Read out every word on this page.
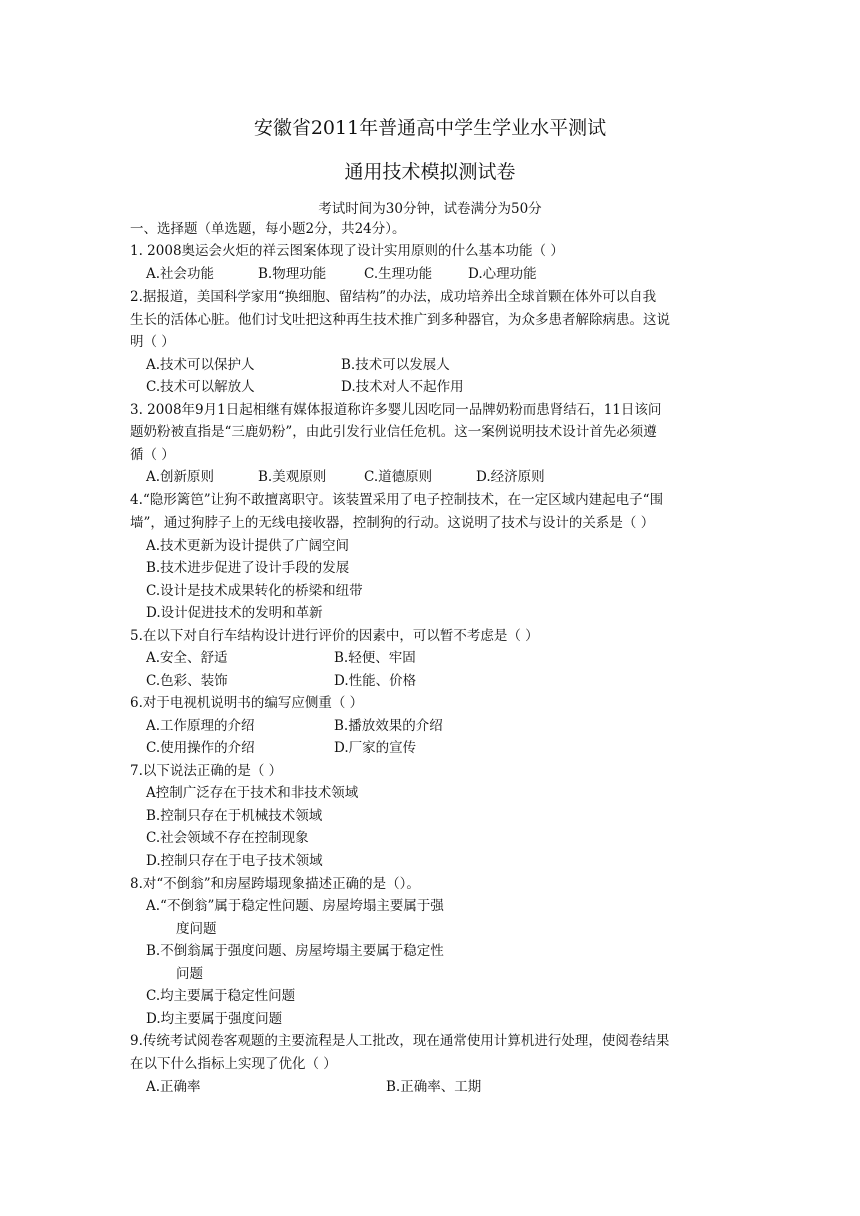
安徽省2011年普通高中学生学业水平测试
通用技术模拟测试卷
考试时间为30分钟，试卷满分为50分
一、选择题（单选题，每小题2分，共24分）。
1. 2008奥运会火炬的祥云图案体现了设计实用原则的什么基本功能（ ）
A.社会功能	B.物理功能	C.生理功能	D.心理功能
2.据报道，美国科学家用“换细胞、留结构”的办法，成功培养出全球首颗在体外可以自我
生长的活体心脏。他们讨戈吐把这种再生技术推广到多种器官，为众多患者解除病患。这说
明（ ）
A.技术可以保护人	B.技术可以发展人
C.技术可以解放人	D.技术对人不起作用
3. 2008年9月1日起相继有媒体报道称许多婴儿因吃同一品牌奶粉而患肾结石，11日该问
题奶粉被直指是“三鹿奶粉”，由此引发行业信任危机。这一案例说明技术设计首先必须遵
循（ ）
A.创新原则	B.美观原则	C.道德原则	D.经济原则
4.“隐形篱笆”让狗不敢擅离职守。该装置采用了电子控制技术，在一定区域内建起电子“围
墙”，通过狗脖子上的无线电接收器，控制狗的行动。这说明了技术与设计的关系是（ ）
A.技术更新为设计提供了广阔空间
B.技术进步促进了设计手段的发展
C.设计是技术成果转化的桥梁和纽带
D.设计促进技术的发明和革新
5.在以下对自行车结构设计进行评价的因素中，可以暂不考虑是（ ）
A.安全、舒适	B.轻便、牢固
C.色彩、装饰	D.性能、价格
6.对于电视机说明书的编写应侧重（ ）
A.工作原理的介绍	B.播放效果的介绍
C.使用操作的介绍	D.厂家的宣传
7.以下说法正确的是（ ）
A控制广泛存在于技术和非技术领域
B.控制只存在于机械技术领域
C.社会领域不存在控制现象
D.控制只存在于电子技术领域
8.对“不倒翁”和房屋跨塌现象描述正确的是（）。
A.“不倒翁”属于稳定性问题、房屋垮塌主要属于强
度问题
B.不倒翁属于强度问题、房屋垮塌主要属于稳定性
问题
C.均主要属于稳定性问题
D.均主要属于强度问题
9.传统考试阅卷客观题的主要流程是人工批改，现在通常使用计算机进行处理，使阅卷结果
在以下什么指标上实现了优化（ ）
A.正确率	B.正确率、工期
